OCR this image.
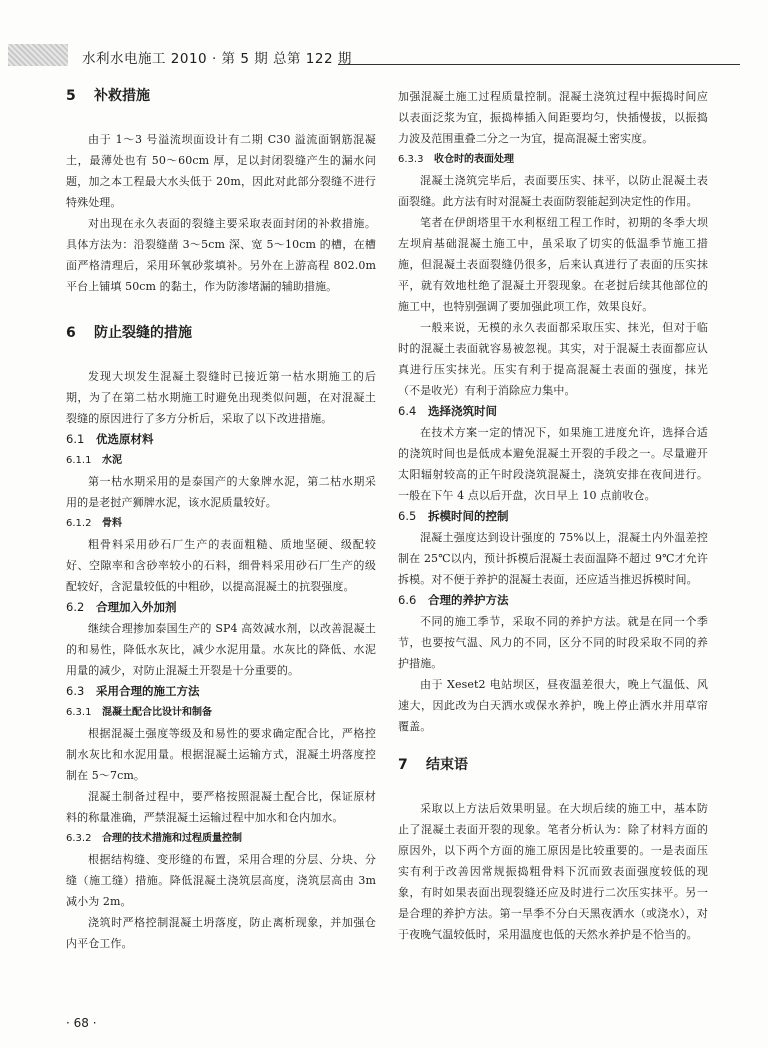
水利水电施工 2010 · 第 5 期 总第 122 期
5 补救措施
由于 1～3 号溢流坝面设计有二期 C30 溢流面钢筋混凝土，最薄处也有 50～60cm 厚，足以封闭裂缝产生的漏水问题，加之本工程最大水头低于 20m，因此对此部分裂缝不进行特殊处理。
对出现在永久表面的裂缝主要采取表面封闭的补救措施。具体方法为：沿裂缝凿 3～5cm 深、宽 5～10cm 的槽，在槽面严格清理后，采用环氧砂浆填补。另外在上游高程 802.0m 平台上铺填 50cm 的黏土，作为防渗堵漏的辅助措施。
6 防止裂缝的措施
发现大坝发生混凝土裂缝时已接近第一枯水期施工的后期，为了在第二枯水期施工时避免出现类似问题，在对混凝土裂缝的原因进行了多方分析后，采取了以下改进措施。
6.1 优选原材料
6.1.1 水泥
第一枯水期采用的是泰国产的大象牌水泥，第二枯水期采用的是老挝产狮牌水泥，该水泥质量较好。
6.1.2 骨料
粗骨料采用砂石厂生产的表面粗糙、质地坚硬、级配较好、空隙率和含砂率较小的石料，细骨料采用砂石厂生产的级配较好，含泥量较低的中粗砂，以提高混凝土的抗裂强度。
6.2 合理加入外加剂
继续合理掺加泰国生产的 SP4 高效减水剂，以改善混凝土的和易性，降低水灰比，减少水泥用量。水灰比的降低、水泥用量的减少，对防止混凝土开裂是十分重要的。
6.3 采用合理的施工方法
6.3.1 混凝土配合比设计和制备
根据混凝土强度等级及和易性的要求确定配合比，严格控制水灰比和水泥用量。根据混凝土运输方式，混凝土坍落度控制在 5～7cm。
混凝土制备过程中，要严格按照混凝土配合比，保证原材料的称量准确，严禁混凝土运输过程中加水和仓内加水。
6.3.2 合理的技术措施和过程质量控制
根据结构缝、变形缝的布置，采用合理的分层、分块、分缝（施工缝）措施。降低混凝土浇筑层高度，浇筑层高由 3m 减小为 2m。
浇筑时严格控制混凝土坍落度，防止离析现象，并加强仓内平仓工作。
加强混凝土施工过程质量控制。混凝土浇筑过程中振捣时间应以表面泛浆为宜，振捣棒插入间距要均匀，快插慢拔，以振捣力波及范围重叠二分之一为宜，提高混凝土密实度。
6.3.3 收仓时的表面处理
混凝土浇筑完毕后，表面要压实、抹平，以防止混凝土表面裂缝。此方法有时对混凝土表面防裂能起到决定性的作用。
笔者在伊朗塔里干水利枢纽工程工作时，初期的冬季大坝左坝肩基础混凝土施工中，虽采取了切实的低温季节施工措施，但混凝土表面裂缝仍很多，后来认真进行了表面的压实抹平，就有效地杜绝了混凝土开裂现象。在老挝后续其他部位的施工中，也特别强调了要加强此项工作，效果良好。
一般来说，无模的永久表面都采取压实、抹光，但对于临时的混凝土表面就容易被忽视。其实，对于混凝土表面都应认真进行压实抹光。压实有利于提高混凝土表面的强度，抹光（不是收光）有利于消除应力集中。
6.4 选择浇筑时间
在技术方案一定的情况下，如果施工进度允许，选择合适的浇筑时间也是低成本避免混凝土开裂的手段之一。尽量避开太阳辐射较高的正午时段浇筑混凝土，浇筑安排在夜间进行。一般在下午 4 点以后开盘，次日早上 10 点前收仓。
6.5 拆模时间的控制
混凝土强度达到设计强度的 75%以上，混凝土内外温差控制在 25℃以内，预计拆模后混凝土表面温降不超过 9℃才允许拆模。对不便于养护的混凝土表面，还应适当推迟拆模时间。
6.6 合理的养护方法
不同的施工季节，采取不同的养护方法。就是在同一个季节，也要按气温、风力的不同，区分不同的时段采取不同的养护措施。
由于 Xeset2 电站坝区，昼夜温差很大，晚上气温低、风速大，因此改为白天洒水或保水养护，晚上停止洒水并用草帘覆盖。
7 结束语
采取以上方法后效果明显。在大坝后续的施工中，基本防止了混凝土表面开裂的现象。笔者分析认为：除了材料方面的原因外，以下两个方面的施工原因是比较重要的。一是表面压实有利于改善因常规振捣粗骨料下沉而致表面强度较低的现象，有时如果表面出现裂缝还应及时进行二次压实抹平。另一是合理的养护方法。第一旱季不分白天黑夜洒水（或浇水），对于夜晚气温较低时，采用温度也低的天然水养护是不恰当的。
· 68 ·
